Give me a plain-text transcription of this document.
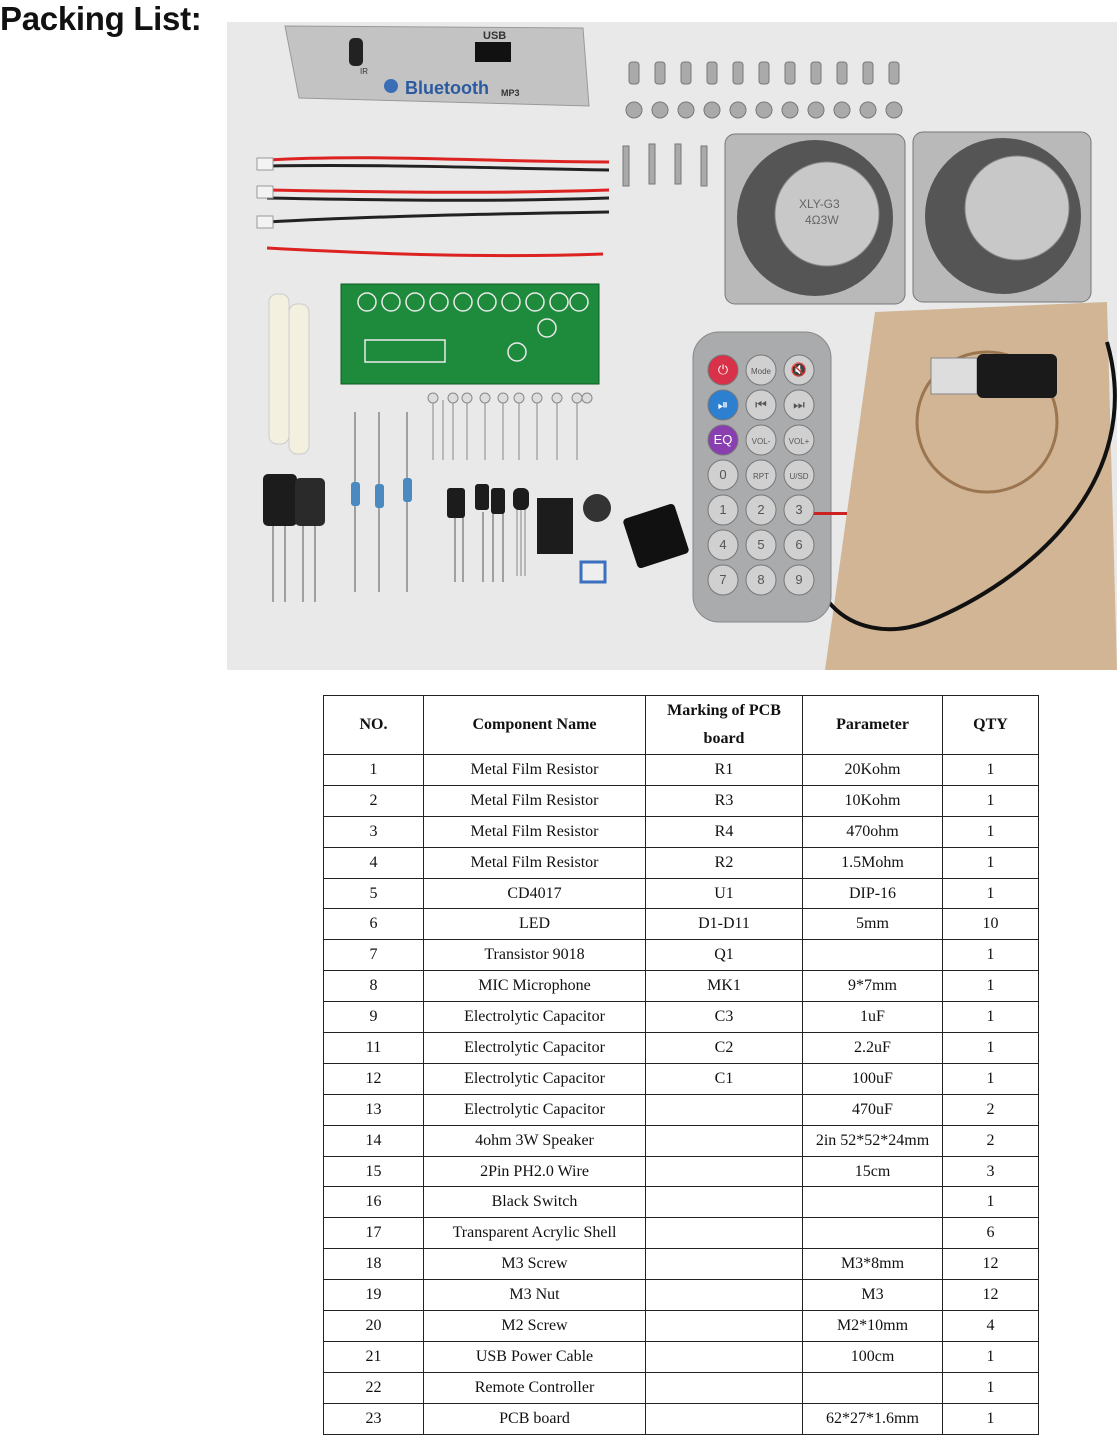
Packing List:	USB
IR
Bluetooth MP3
XLY-G3
4Ω3W
⏻	Mode 🔇
⏯ ⏮ ⏭
EQ VOL- VOL+
0	RPT	U/SD
1 2 3
4 5 6
7 8 9
NO.	Component Name	Marking of PCB board	Parameter	QTY
1	Metal Film Resistor	R1	20Kohm	1
2	Metal Film Resistor	R3	10Kohm	1
3	Metal Film Resistor	R4	470ohm	1
4	Metal Film Resistor	R2	1.5Mohm	1
5	CD4017	U1	DIP-16	1
6	LED	D1-D11	5mm	10
7	Transistor 9018	Q1		1
8	MIC Microphone	MK1	9*7mm	1
9	Electrolytic Capacitor	C3	1uF	1
11	Electrolytic Capacitor	C2	2.2uF	1
12	Electrolytic Capacitor	C1	100uF	1
13	Electrolytic Capacitor		470uF	2
14	4ohm 3W Speaker		2in 52*52*24mm	2
15	2Pin PH2.0 Wire		15cm	3
16	Black Switch			1
17	Transparent Acrylic Shell			6
18	M3 Screw		M3*8mm	12
19	M3 Nut		M3	12
20	M2 Screw		M2*10mm	4
21	USB Power Cable		100cm	1
22	Remote Controller			1
23	PCB board		62*27*1.6mm	1
